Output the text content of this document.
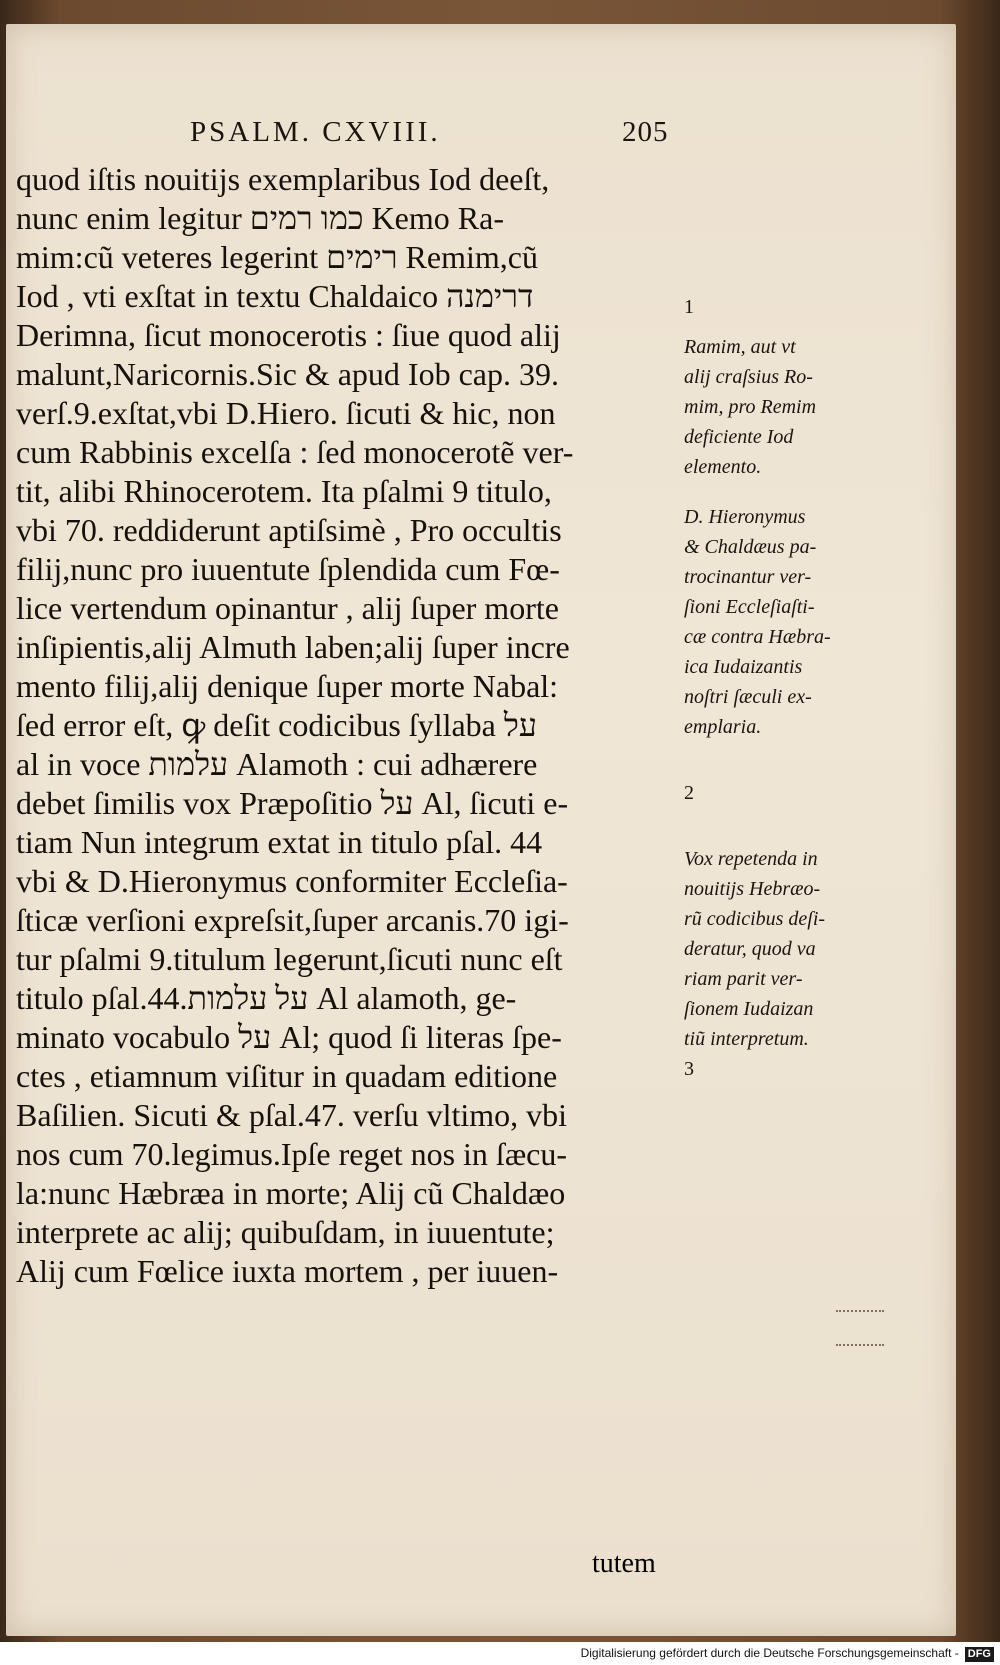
PSALM. CXVIII.	205
quod iſtis nouitijs exemplaribus Iod deeſt,
nunc enim legitur כמו רמים Kemo Ra-
mim:cũ veteres legerint רימים Remim,cũ
Iod , vti exſtat in textu Chaldaico דרימנה
Derimna, ſicut monocerotis : ſiue quod alij
malunt,Naricornis.Sic & apud Iob cap. 39.
verſ.9.exſtat,vbi D.Hiero. ſicuti & hic, non
cum Rabbinis excelſa : ſed monocerotẽ ver-
tit, alibi Rhinocerotem. Ita pſalmi 9 titulo,
vbi 70. reddiderunt aptiſsimè , Pro occultis
filij,nunc pro iuuentute ſplendida cum Fœ-
lice vertendum opinantur , alij ſuper morte
inſipientis,alij Almuth laben;alij ſuper incre
mento filij,alij denique ſuper morte Nabal:
ſed error eſt, ꝙ deſit codicibus ſyllaba על
al in voce עלמות Alamoth : cui adhærere
debet ſimilis vox Præpoſitio על Al, ſicuti e-
tiam Nun integrum extat in titulo pſal. 44
vbi & D.Hieronymus conformiter Eccleſia-
ſticæ verſioni expreſsit,ſuper arcanis.70 igi-
tur pſalmi 9.titulum legerunt,ſicuti nunc eſt
titulo pſal.44.על עלמות Al alamoth, ge-
minato vocabulo על Al; quod ſi literas ſpe-
ctes , etiamnum viſitur in quadam editione
Baſilien. Sicuti & pſal.47. verſu vltimo, vbi
nos cum 70.legimus.Ipſe reget nos in ſæcu-
la:nunc Hæbræa in morte; Alij cũ Chaldæo
interprete ac alij; quibuſdam, in iuuentute;
Alij cum Fœlice iuxta mortem , per iuuen-
1
Ramim, aut vt
alij craſsius Ro-
mim, pro Remim
deficiente Iod
elemento.
D. Hieronymus
& Chaldæus pa-
trocinantur ver-
ſioni Eccleſiaſti-
cæ contra Hæbra-
ica Iudaizantis
noſtri ſæculi ex-
emplaria.
2
Vox repetenda in
nouitijs Hebræo-
rũ codicibus deſi-
deratur, quod va
riam parit ver-
ſionem Iudaizan
tiũ interpretum.
3
tutem
Digitalisierung gefördert durch die Deutsche Forschungsgemeinschaft - DFG
